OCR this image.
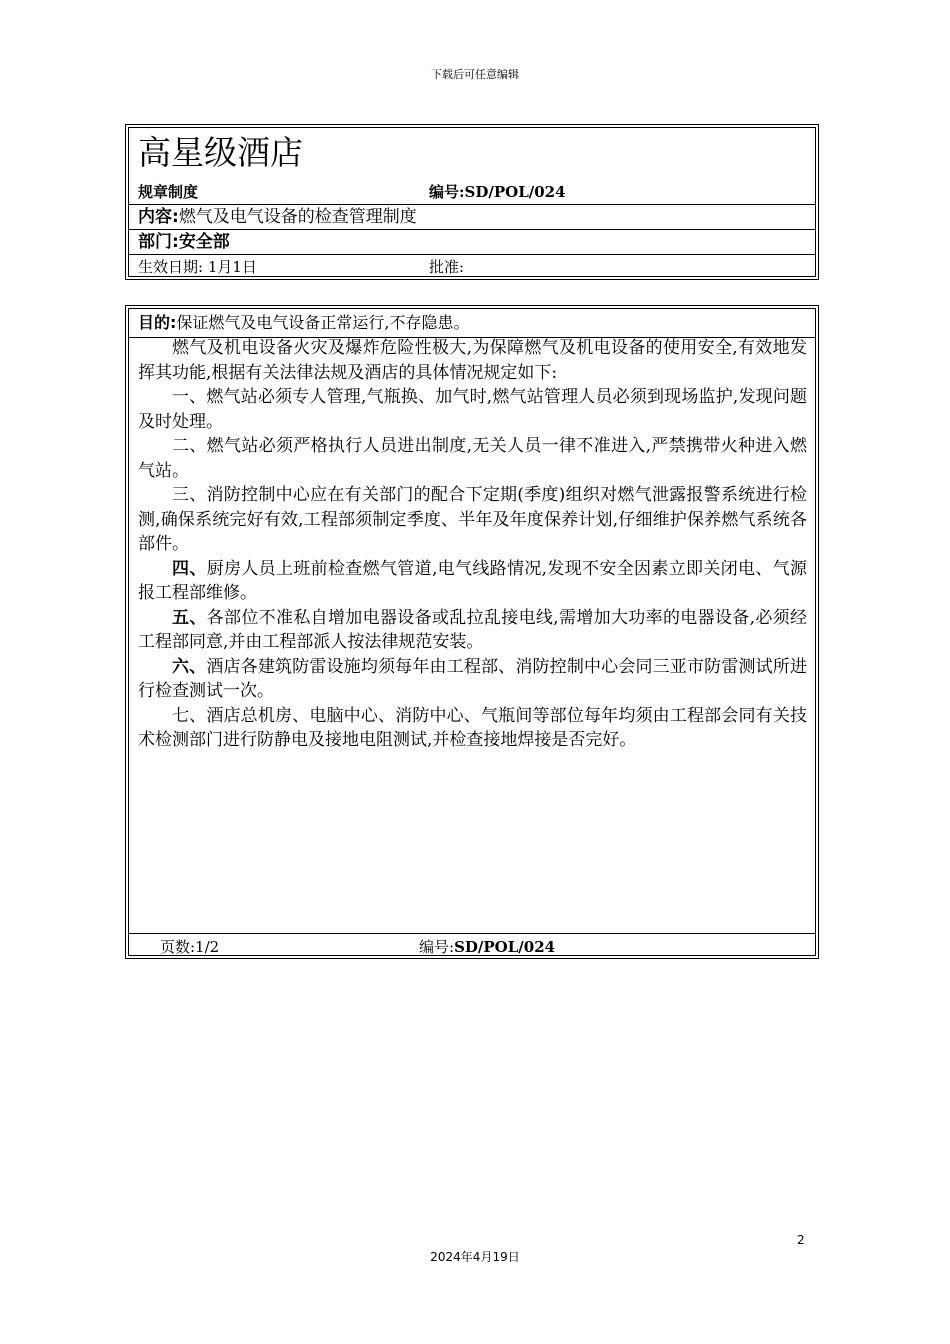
下载后可任意编辑
高星级酒店
规章制度	编号:SD/POL/024
内容:燃气及电气设备的检查管理制度
部门:安全部
生效日期: 1月1日	批准:
目的:保证燃气及电气设备正常运行,不存隐患。

燃气及机电设备火灾及爆炸危险性极大,为保障燃气及机电设备的使用安全,有效地发挥其功能,根据有关法律法规及酒店的具体情况规定如下:

一、燃气站必须专人管理,气瓶换、加气时,燃气站管理人员必须到现场监护,发现问题及时处理。

二、燃气站必须严格执行人员进出制度,无关人员一律不准进入,严禁携带火种进入燃气站。

三、消防控制中心应在有关部门的配合下定期(季度)组织对燃气泄露报警系统进行检测,确保系统完好有效,工程部须制定季度、半年及年度保养计划,仔细维护保养燃气系统各部件。

四、厨房人员上班前检查燃气管道,电气线路情况,发现不安全因素立即关闭电、气源报工程部维修。

五、各部位不准私自增加电器设备或乱拉乱接电线,需增加大功率的电器设备,必须经工程部同意,并由工程部派人按法律规范安装。

六、酒店各建筑防雷设施均须每年由工程部、消防控制中心会同三亚市防雷测试所进行检查测试一次。

七、酒店总机房、电脑中心、消防中心、气瓶间等部位每年均须由工程部会同有关技术检测部门进行防静电及接地电阻测试,并检查接地焊接是否完好。

页数:1/2	编号:SD/POL/024
2
2024年4月19日
